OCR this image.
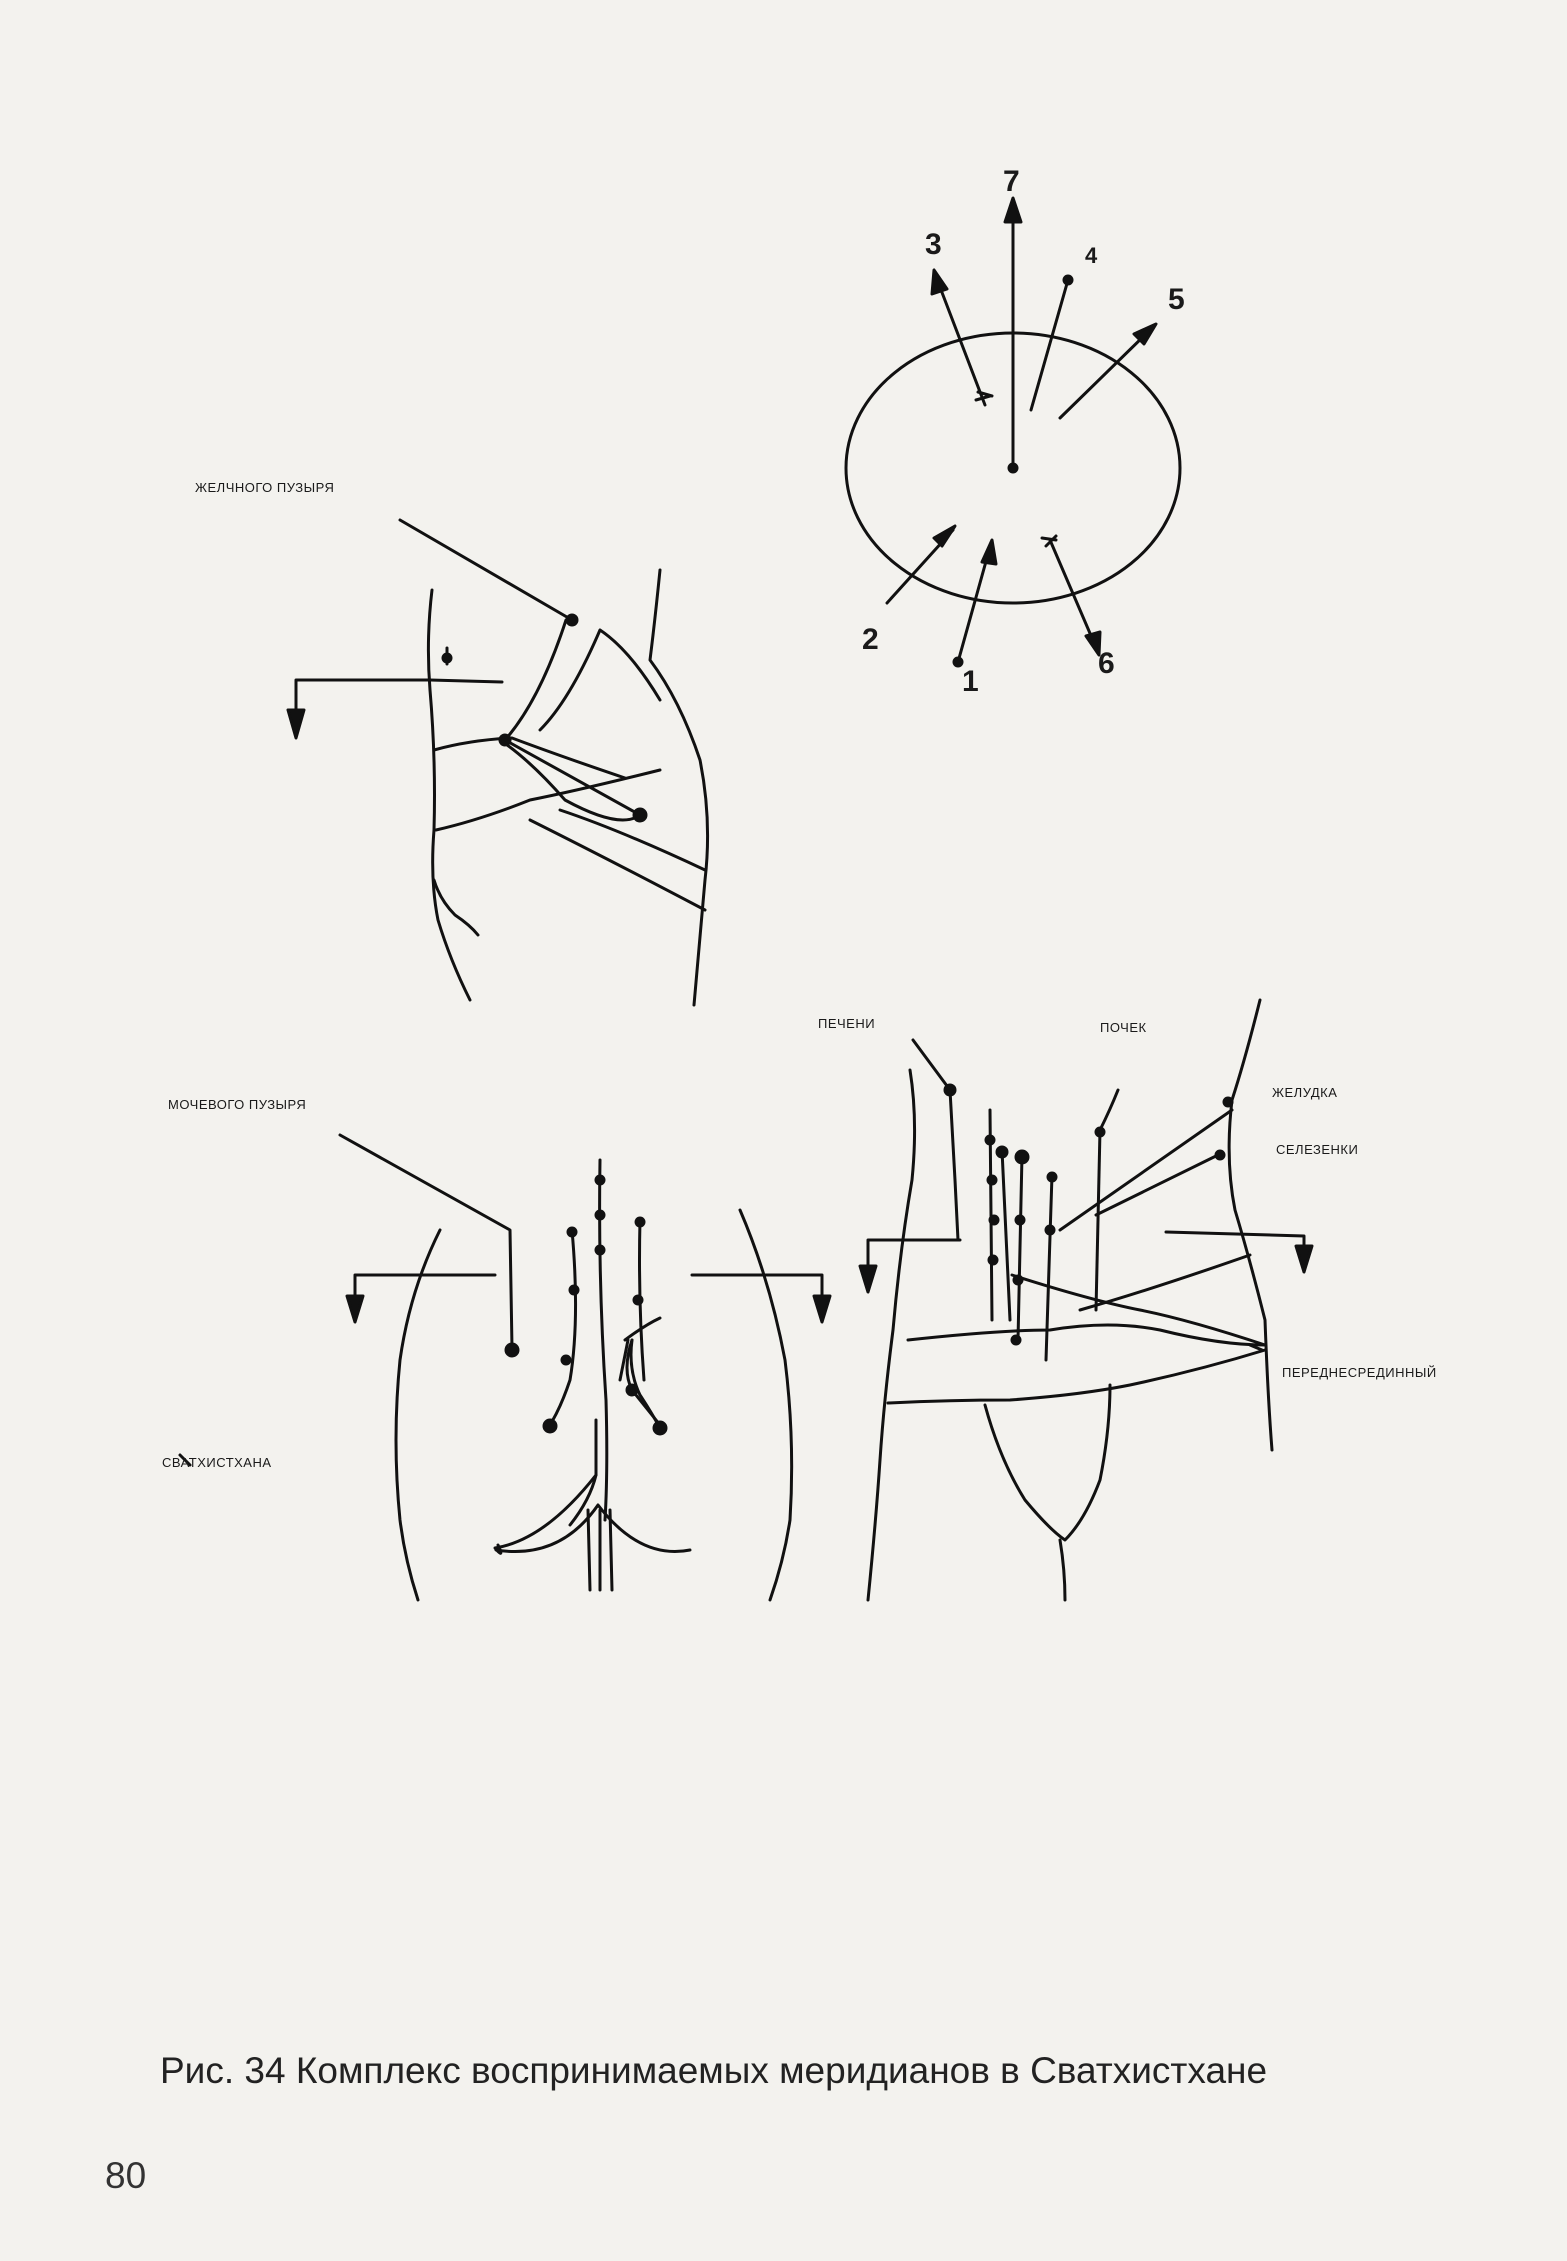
7
3	4
5
2
1
6
ЖЕЛЧНОГО ПУЗЫРЯ
МОЧЕВОГО ПУЗЫРЯ
СВАТХИСТХАНА
ПЕЧЕНИ	ПОЧЕК
ЖЕЛУДКА
СЕЛЕЗЕНКИ
ПЕРЕДНЕСРЕДИННЫЙ
Рис. 34 Комплекс воспринимаемых меридианов в Сватхистхане
80
